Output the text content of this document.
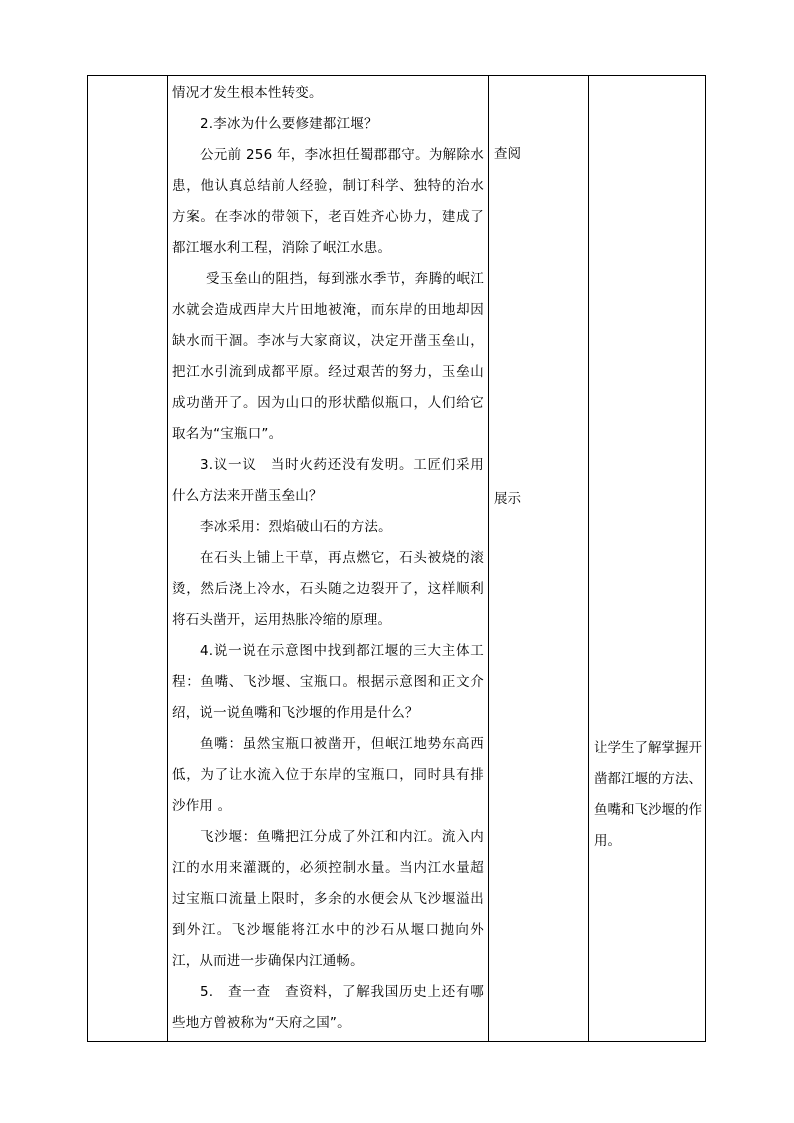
情况才发生根本性转变。

2.李冰为什么要修建都江堰？

公元前 256 年，李冰担任蜀郡郡守。为解除水患，他认真总结前人经验，制订科学、独特的治水方案。在李冰的带领下，老百姓齐心协力，建成了都江堰水利工程，消除了岷江水患。

受玉垒山的阻挡，每到涨水季节，奔腾的岷江水就会造成西岸大片田地被淹，而东岸的田地却因缺水而干涸。李冰与大家商议，决定开凿玉垒山，把江水引流到成都平原。经过艰苦的努力，玉垒山成功凿开了。因为山口的形状酷似瓶口，人们给它取名为“宝瓶口”。

3.议一议　当时火药还没有发明。工匠们采用什么方法来开凿玉垒山？

李冰采用：烈焰破山石的方法。

在石头上铺上干草，再点燃它，石头被烧的滚烫，然后浇上冷水，石头随之边裂开了，这样顺利将石头凿开，运用热胀冷缩的原理。

4.说一说在示意图中找到都江堰的三大主体工程：鱼嘴、飞沙堰、宝瓶口。根据示意图和正文介绍，说一说鱼嘴和飞沙堰的作用是什么？

鱼嘴：虽然宝瓶口被凿开，但岷江地势东高西低，为了让水流入位于东岸的宝瓶口，同时具有排沙作用 。

飞沙堰：鱼嘴把江分成了外江和内江。流入内江的水用来灌溉的，必须控制水量。当内江水量超过宝瓶口流量上限时，多余的水便会从飞沙堰溢出到外江。飞沙堰能将江水中的沙石从堰口抛向外江，从而进一步确保内江通畅。

5.　查一查　查资料，了解我国历史上还有哪些地方曾被称为“天府之国”。

查阅
展示

让学生了解掌握开凿都江堰的方法、鱼嘴和飞沙堰的作用。
